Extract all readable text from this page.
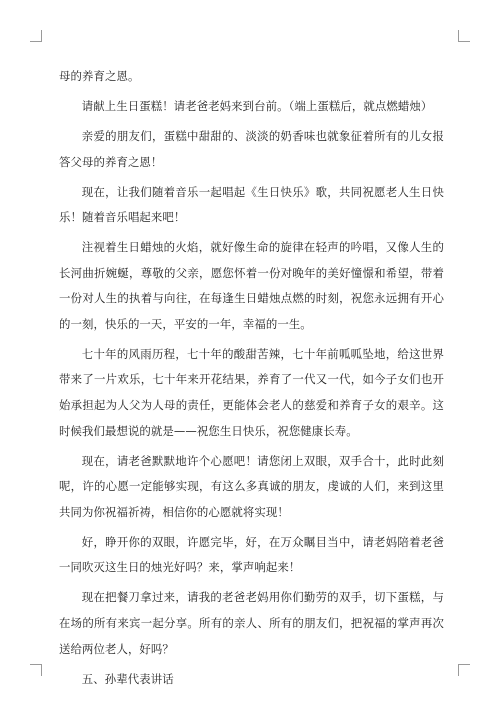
母的养育之恩。

请献上生日蛋糕！请老爸老妈来到台前。（端上蛋糕后，就点燃蜡烛）

亲爱的朋友们，蛋糕中甜甜的、淡淡的奶香味也就象征着所有的儿女报答父母的养育之恩！

现在，让我们随着音乐一起唱起《生日快乐》歌，共同祝愿老人生日快乐！随着音乐唱起来吧！

注视着生日蜡烛的火焰，就好像生命的旋律在轻声的吟唱，又像人生的长河曲折婉蜒，尊敬的父亲，愿您怀着一份对晚年的美好憧憬和希望，带着一份对人生的执着与向往，在每逢生日蜡烛点燃的时刻，祝您永远拥有开心的一刻，快乐的一天，平安的一年，幸福的一生。

七十年的风雨历程，七十年的酸甜苦辣，七十年前呱呱坠地，给这世界带来了一片欢乐，七十年来开花结果，养育了一代又一代，如今子女们也开始承担起为人父为人母的责任，更能体会老人的慈爱和养育子女的艰辛。这时候我们最想说的就是——祝您生日快乐，祝您健康长寿。

现在，请老爸默默地许个心愿吧！请您闭上双眼，双手合十，此时此刻呢，许的心愿一定能够实现，有这么多真诚的朋友，虔诚的人们，来到这里共同为你祝福祈祷，相信你的心愿就将实现！

好，睁开你的双眼，许愿完毕，好，在万众瞩目当中，请老妈陪着老爸一同吹灭这生日的烛光好吗？来，掌声响起来！

现在把餐刀拿过来，请我的老爸老妈用你们勤劳的双手，切下蛋糕，与在场的所有来宾一起分享。所有的亲人、所有的朋友们，把祝福的掌声再次送给两位老人，好吗？

五、孙辈代表讲话
